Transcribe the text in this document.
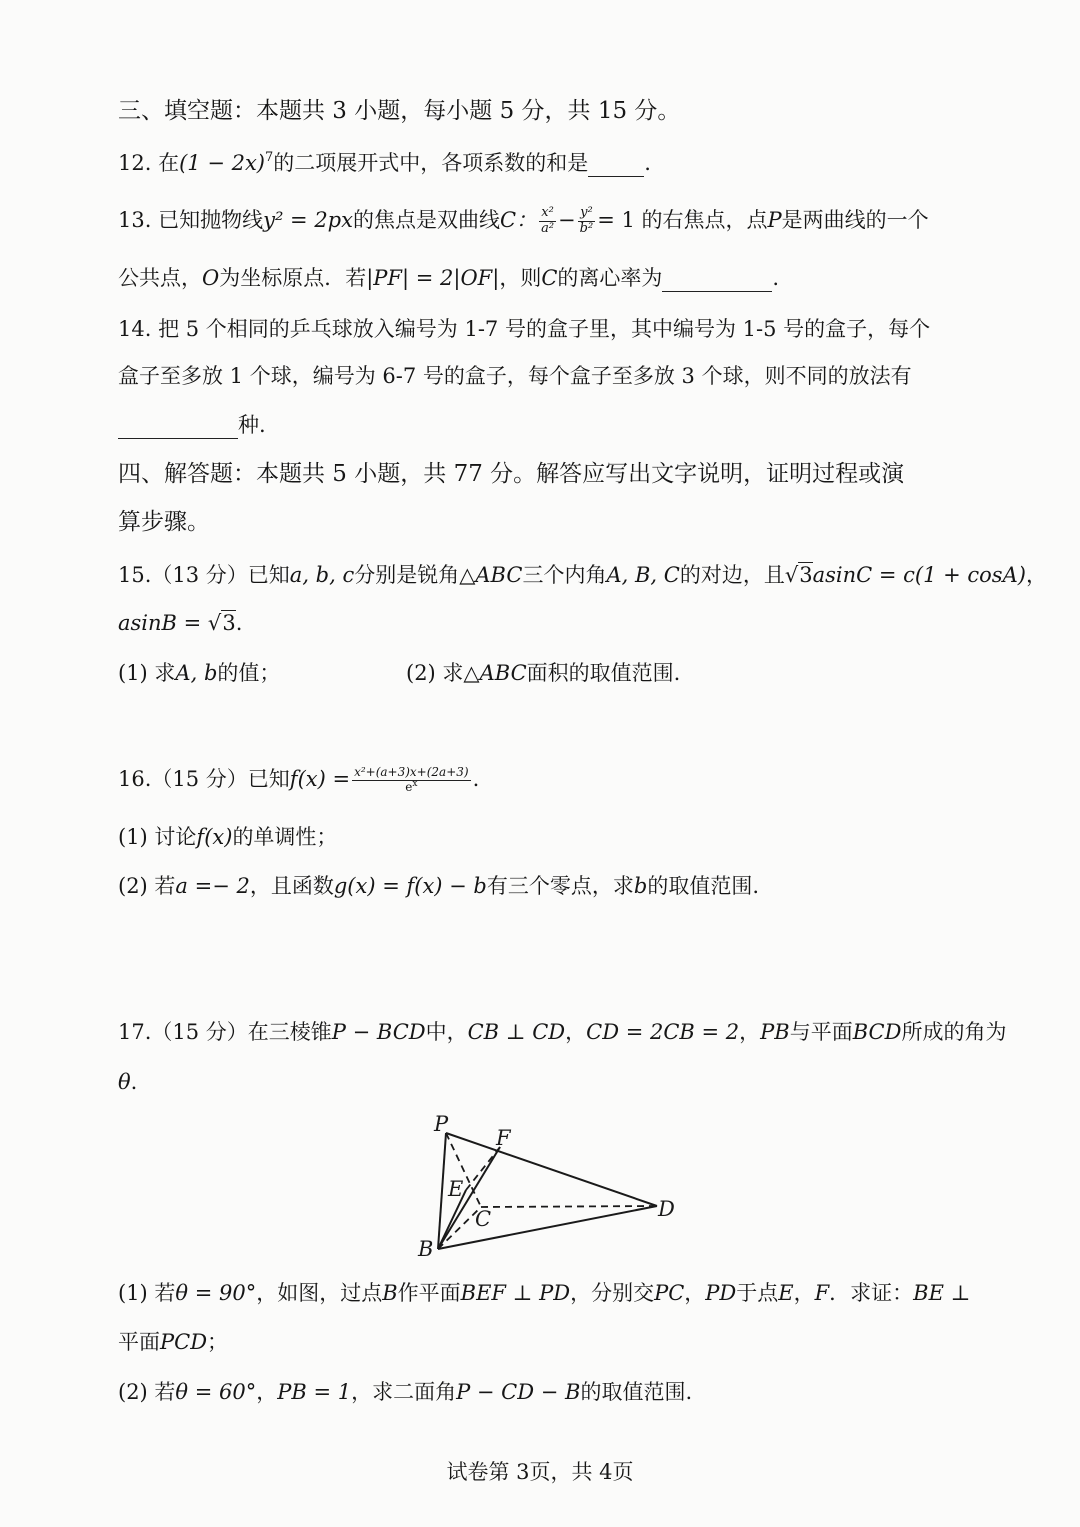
三、填空题：本题共 3 小题，每小题 5 分，共 15 分。
12. 在$(1 - 2x)^7$的二项展开式中，各项系数的和是	.
13. 已知抛物线y² = 2px的焦点是双曲线C： $\frac{\text{x²}}{\text{a²}} - \frac{\text{y²}}{\text{b²}} = 1$ 的右焦点，点P是两曲线的一个
公共点，O为坐标原点．若|PF| = 2|OF|，则C的离心率为	.
14. 把 5 个相同的乒乓球放入编号为 1-7 号的盒子里，其中编号为 1-5 号的盒子，每个
盒子至多放 1 个球，编号为 6-7 号的盒子，每个盒子至多放 3 个球，则不同的放法有
种.
四、解答题：本题共 5 小题，共 77 分。解答应写出文字说明，证明过程或演
算步骤。
15.（13 分）已知a, b, c分别是锐角△ABC三个内角A, B, C的对边，且√3asinC = c(1 + cosA)，
asinB = √3.
(1) 求A, b的值；	(2) 求△ABC面积的取值范围.
16.（15 分）已知$f(x) = \frac{\text{x²+(a+3)x+(2a+3)}}{e^x}$ .
(1) 讨论f(x)的单调性；
(2) 若a =− 2，且函数g(x) = f(x) − b有三个零点，求b的取值范围.
17.（15 分）在三棱锥P − BCD中，CB ⊥ CD，CD = 2CB = 2，PB与平面BCD所成的角为
θ.
P
F
E
C	D
B
(1) 若θ = 90°，如图，过点B作平面BEF ⊥ PD，分别交PC，PD于点E，F．求证：BE ⊥
平面PCD；
(2) 若θ = 60°，PB = 1，求二面角P − CD − B的取值范围.
试卷第 3页，共 4页
